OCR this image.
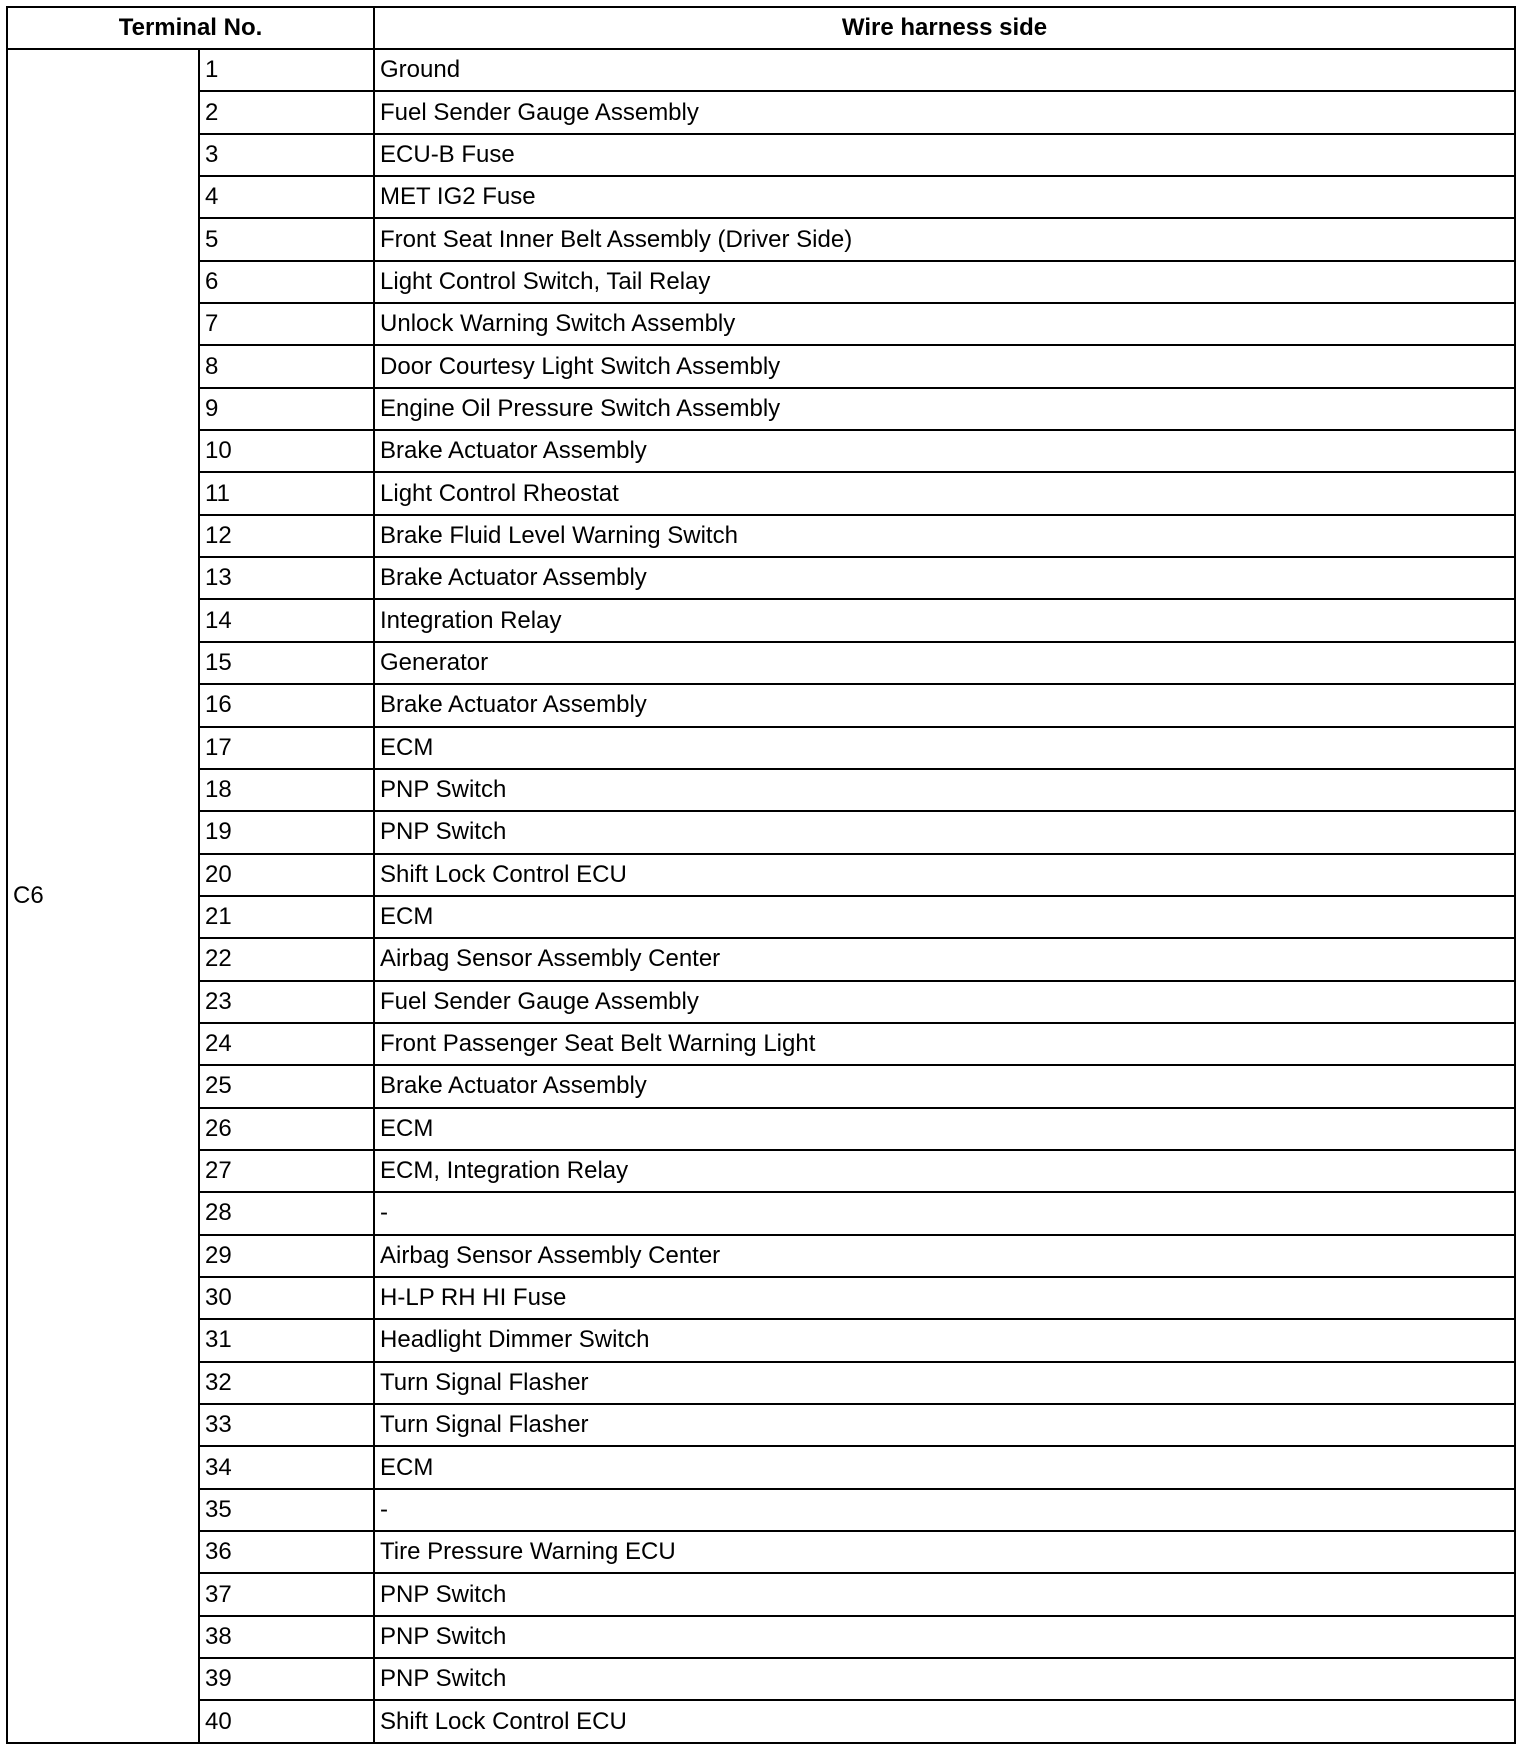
Terminal No.		Wire harness side
C6	1	Ground
	2	Fuel Sender Gauge Assembly
	3	ECU-B Fuse
	4	MET IG2 Fuse
	5	Front Seat Inner Belt Assembly (Driver Side)
	6	Light Control Switch, Tail Relay
	7	Unlock Warning Switch Assembly
	8	Door Courtesy Light Switch Assembly
	9	Engine Oil Pressure Switch Assembly
	10	Brake Actuator Assembly
	11	Light Control Rheostat
	12	Brake Fluid Level Warning Switch
	13	Brake Actuator Assembly
	14	Integration Relay
	15	Generator
	16	Brake Actuator Assembly
	17	ECM
	18	PNP Switch
	19	PNP Switch
	20	Shift Lock Control ECU
	21	ECM
	22	Airbag Sensor Assembly Center
	23	Fuel Sender Gauge Assembly
	24	Front Passenger Seat Belt Warning Light
	25	Brake Actuator Assembly
	26	ECM
	27	ECM, Integration Relay
	28	-
	29	Airbag Sensor Assembly Center
	30	H-LP RH HI Fuse
	31	Headlight Dimmer Switch
	32	Turn Signal Flasher
	33	Turn Signal Flasher
	34	ECM
	35	-
	36	Tire Pressure Warning ECU
	37	PNP Switch
	38	PNP Switch
	39	PNP Switch
	40	Shift Lock Control ECU
